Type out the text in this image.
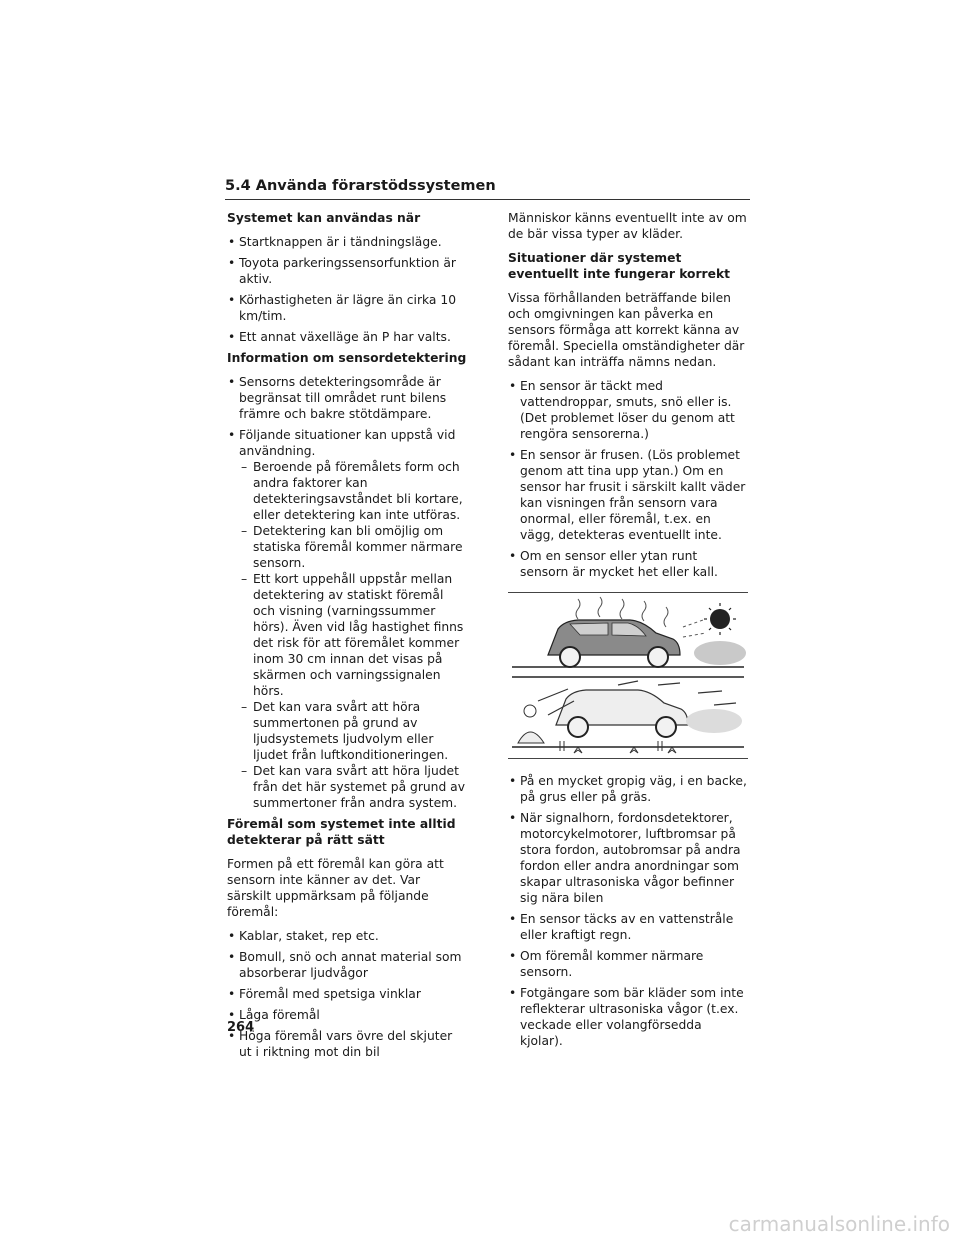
5.4 Använda förarstödssystemen
Systemet kan användas när
• Startknappen är i tändningsläge.
• Toyota parkeringssensorfunktion är aktiv.
• Körhastigheten är lägre än cirka 10 km/tim.
• Ett annat växelläge än P har valts.
Information om sensordetektering
• Sensorns detekteringsområde är begränsat till området runt bilens främre och bakre stötdämpare.
• Följande situationer kan uppstå vid användning.
– Beroende på föremålets form och andra faktorer kan detekteringsavståndet bli kortare, eller detektering kan inte utföras.
– Detektering kan bli omöjlig om statiska föremål kommer närmare sensorn.
– Ett kort uppehåll uppstår mellan detektering av statiskt föremål och visning (varningssummer hörs). Även vid låg hastighet finns det risk för att föremålet kommer inom 30 cm innan det visas på skärmen och varningssignalen hörs.
– Det kan vara svårt att höra summertonen på grund av ljudsystemets ljudvolym eller ljudet från luftkonditioneringen.
– Det kan vara svårt att höra ljudet från det här systemet på grund av summertoner från andra system.
Föremål som systemet inte alltid detekterar på rätt sätt
Formen på ett föremål kan göra att sensorn inte känner av det. Var särskilt uppmärksam på följande föremål:
• Kablar, staket, rep etc.
• Bomull, snö och annat material som absorberar ljudvågor
• Föremål med spetsiga vinklar
• Låga föremål
• Höga föremål vars övre del skjuter ut i riktning mot din bil
Människor känns eventuellt inte av om de bär vissa typer av kläder.
Situationer där systemet eventuellt inte fungerar korrekt
Vissa förhållanden beträffande bilen och omgivningen kan påverka en sensors förmåga att korrekt känna av föremål. Speciella omständigheter där sådant kan inträffa nämns nedan.
• En sensor är täckt med vattendroppar, smuts, snö eller is. (Det problemet löser du genom att rengöra sensorerna.)
• En sensor är frusen. (Lös problemet genom att tina upp ytan.) Om en sensor har frusit i särskilt kallt väder kan visningen från sensorn vara onormal, eller föremål, t.ex. en vägg, detekteras eventuellt inte.
• Om en sensor eller ytan runt sensorn är mycket het eller kall.
• På en mycket gropig väg, i en backe, på grus eller på gräs.
• När signalhorn, fordonsdetektorer, motorcykelmotorer, luftbromsar på stora fordon, autobromsar på andra fordon eller andra anordningar som skapar ultrasoniska vågor befinner sig nära bilen
• En sensor täcks av en vattenstråle eller kraftigt regn.
• Om föremål kommer närmare sensorn.
• Fotgängare som bär kläder som inte reflekterar ultrasoniska vågor (t.ex. veckade eller volangförsedda kjolar).
264
carmanualsonline.info
